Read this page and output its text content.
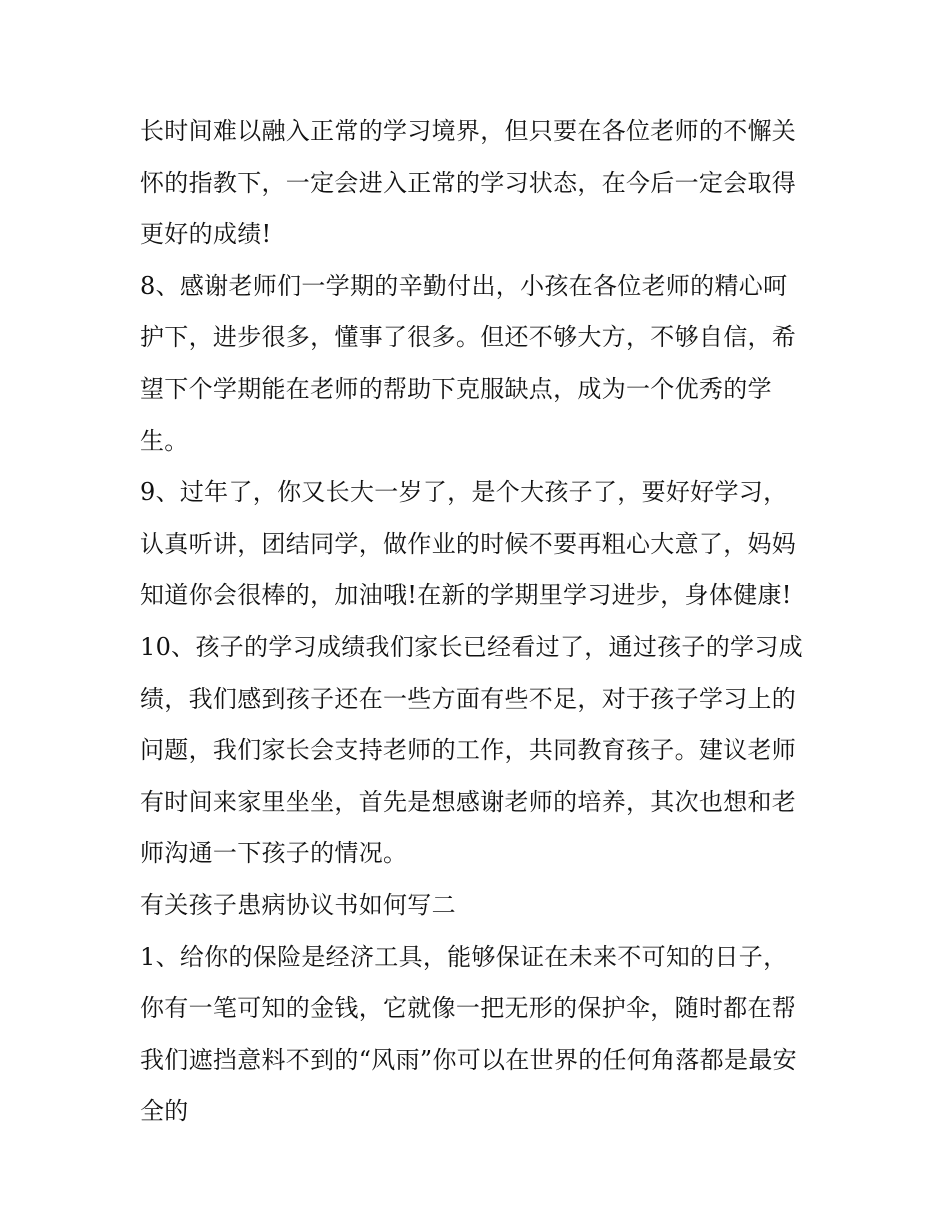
长时间难以融入正常的学习境界，但只要在各位老师的不懈关
怀的指教下，一定会进入正常的学习状态，在今后一定会取得
更好的成绩!
8、感谢老师们一学期的辛勤付出，小孩在各位老师的精心呵
护下，进步很多，懂事了很多。但还不够大方，不够自信，希
望下个学期能在老师的帮助下克服缺点，成为一个优秀的学
生。
9、过年了，你又长大一岁了，是个大孩子了，要好好学习，
认真听讲，团结同学，做作业的时候不要再粗心大意了，妈妈
知道你会很棒的，加油哦!在新的学期里学习进步，身体健康!
10、孩子的学习成绩我们家长已经看过了，通过孩子的学习成
绩，我们感到孩子还在一些方面有些不足，对于孩子学习上的
问题，我们家长会支持老师的工作，共同教育孩子。建议老师
有时间来家里坐坐，首先是想感谢老师的培养，其次也想和老
师沟通一下孩子的情况。
有关孩子患病协议书如何写二
1、给你的保险是经济工具，能够保证在未来不可知的日子，
你有一笔可知的金钱，它就像一把无形的保护伞，随时都在帮
我们遮挡意料不到的“风雨”你可以在世界的任何角落都是最安
全的
